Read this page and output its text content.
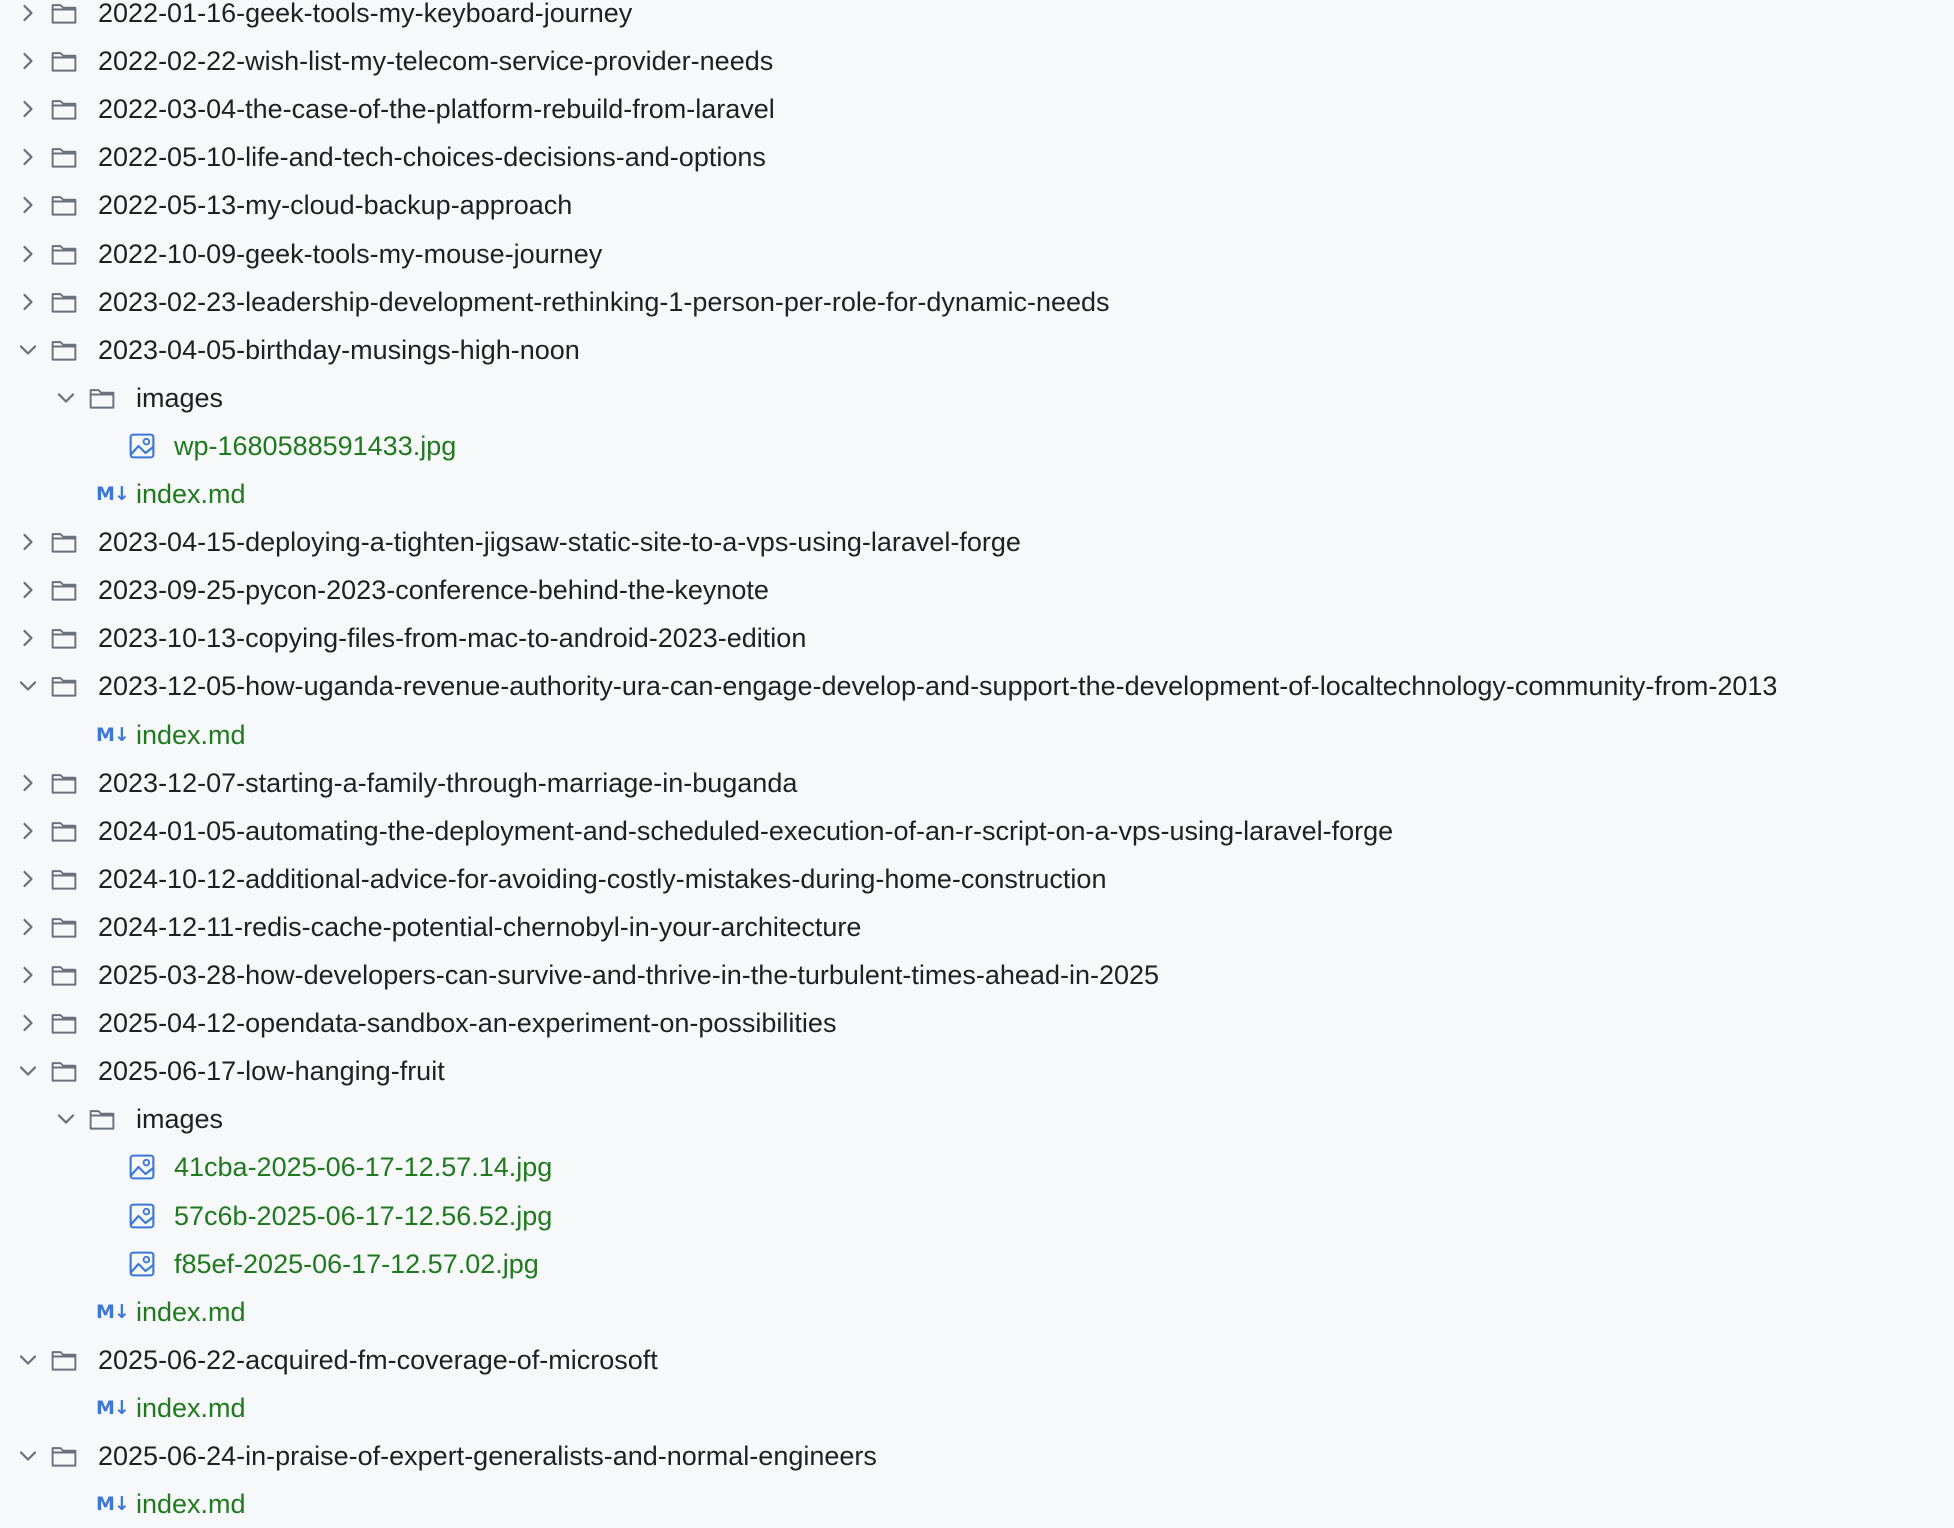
2022-01-16-geek-tools-my-keyboard-journey
2022-02-22-wish-list-my-telecom-service-provider-needs
2022-03-04-the-case-of-the-platform-rebuild-from-laravel
2022-05-10-life-and-tech-choices-decisions-and-options
2022-05-13-my-cloud-backup-approach
2022-10-09-geek-tools-my-mouse-journey
2023-02-23-leadership-development-rethinking-1-person-per-role-for-dynamic-needs
2023-04-05-birthday-musings-high-noon
images
wp-1680588591433.jpg
M↓ index.md
2023-04-15-deploying-a-tighten-jigsaw-static-site-to-a-vps-using-laravel-forge
2023-09-25-pycon-2023-conference-behind-the-keynote
2023-10-13-copying-files-from-mac-to-android-2023-edition
2023-12-05-how-uganda-revenue-authority-ura-can-engage-develop-and-support-the-development-of-localtechnology-community-from-2013
M↓ index.md
2023-12-07-starting-a-family-through-marriage-in-buganda
2024-01-05-automating-the-deployment-and-scheduled-execution-of-an-r-script-on-a-vps-using-laravel-forge
2024-10-12-additional-advice-for-avoiding-costly-mistakes-during-home-construction
2024-12-11-redis-cache-potential-chernobyl-in-your-architecture
2025-03-28-how-developers-can-survive-and-thrive-in-the-turbulent-times-ahead-in-2025
2025-04-12-opendata-sandbox-an-experiment-on-possibilities
2025-06-17-low-hanging-fruit
images
41cba-2025-06-17-12.57.14.jpg
57c6b-2025-06-17-12.56.52.jpg
f85ef-2025-06-17-12.57.02.jpg
M↓ index.md
2025-06-22-acquired-fm-coverage-of-microsoft
M↓ index.md
2025-06-24-in-praise-of-expert-generalists-and-normal-engineers
M↓ index.md
